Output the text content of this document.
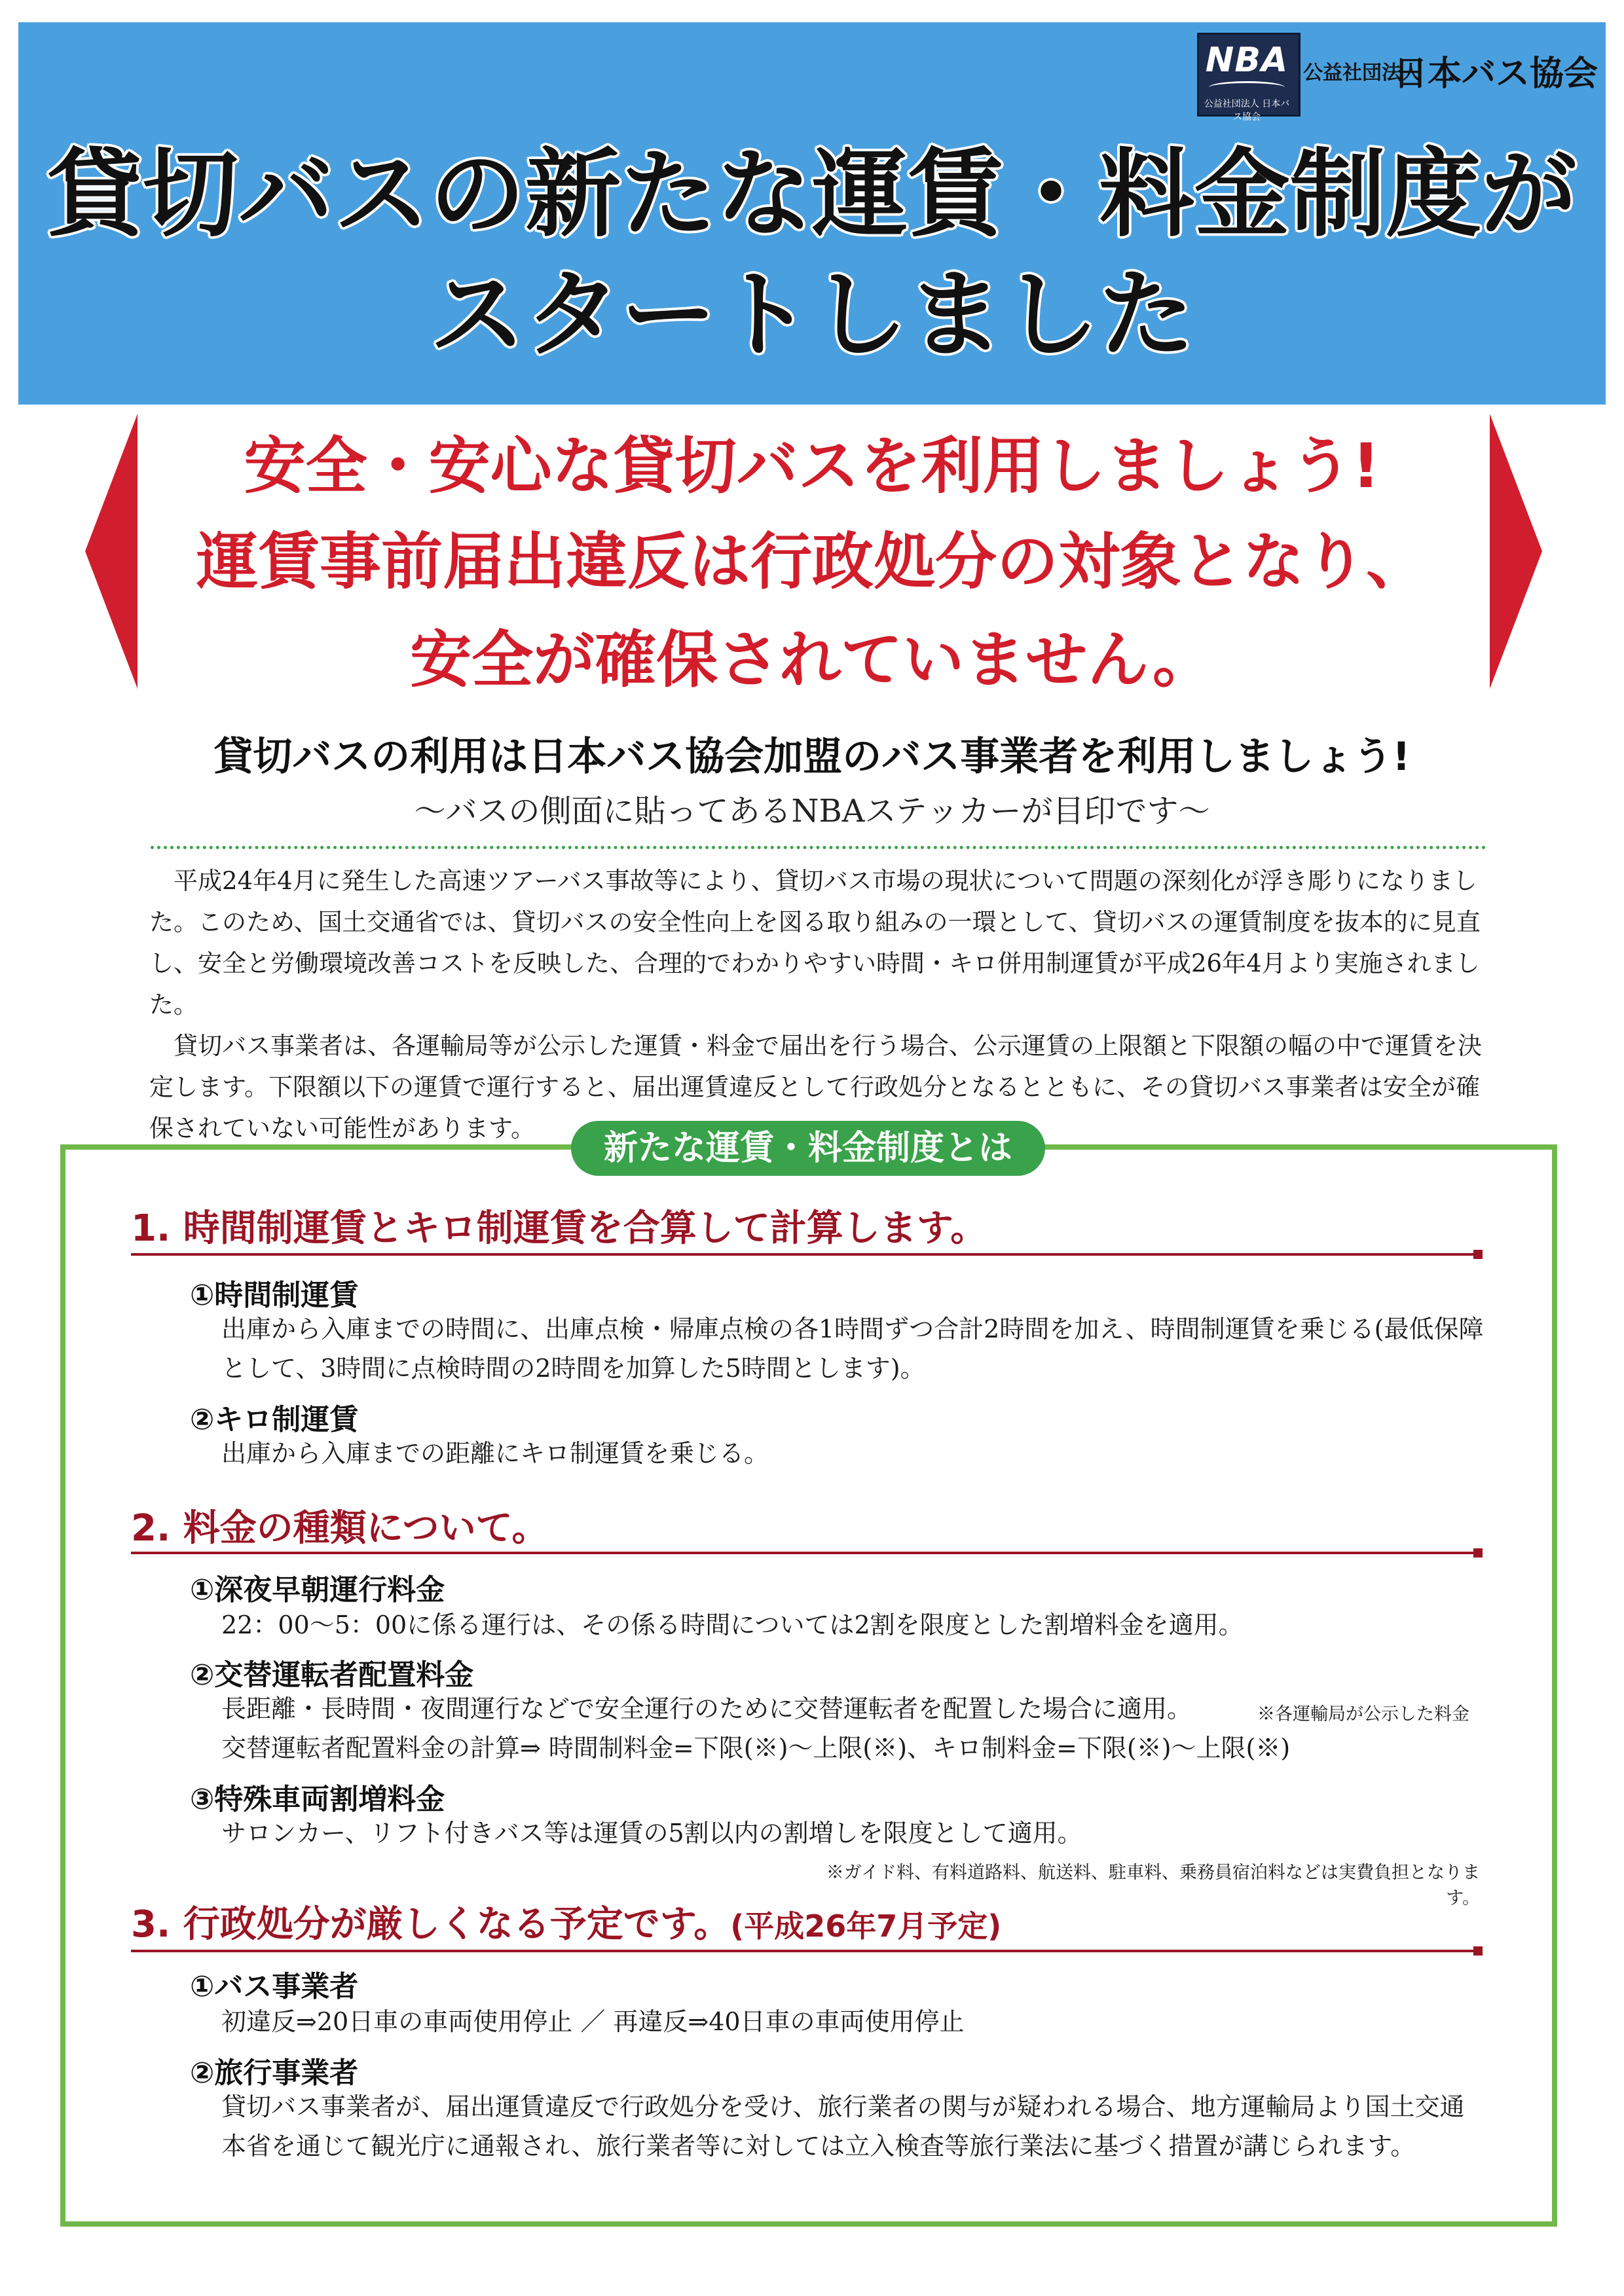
NBA
公益社団法人 日本バス協会
公益社団法人
日本バス協会
貸切バスの新たな運賃・料金制度が
スタートしました
安全・安心な貸切バスを利用しましょう!
運賃事前届出違反は行政処分の対象となり、
安全が確保されていません。
貸切バスの利用は日本バス協会加盟のバス事業者を利用しましょう!
〜バスの側面に貼ってあるNBAステッカーが目印です〜

平成24年4月に発生した高速ツアーバス事故等により、貸切バス市場の現状について問題の深刻化が浮き彫りになりました。このため、国土交通省では、貸切バスの安全性向上を図る取り組みの一環として、貸切バスの運賃制度を抜本的に見直し、安全と労働環境改善コストを反映した、合理的でわかりやすい時間・キロ併用制運賃が平成26年4月より実施されました。

貸切バス事業者は、各運輸局等が公示した運賃・料金で届出を行う場合、公示運賃の上限額と下限額の幅の中で運賃を決定します。下限額以下の運賃で運行すると、届出運賃違反として行政処分となるとともに、その貸切バス事業者は安全が確保されていない可能性があります。

新たな運賃・料金制度とは
1. 時間制運賃とキロ制運賃を合算して計算します。
①時間制運賃
出庫から入庫までの時間に、出庫点検・帰庫点検の各1時間ずつ合計2時間を加え、時間制運賃を乗じる(最低保障として、3時間に点検時間の2時間を加算した5時間とします)。
②キロ制運賃
出庫から入庫までの距離にキロ制運賃を乗じる。
2. 料金の種類について。
①深夜早朝運行料金
22：00〜5：00に係る運行は、その係る時間については2割を限度とした割増料金を適用。
②交替運転者配置料金
長距離・長時間・夜間運行などで安全運行のために交替運転者を配置した場合に適用。	※各運輸局が公示した料金
交替運転者配置料金の計算⇒ 時間制料金=下限(※)〜上限(※)、キロ制料金=下限(※)〜上限(※)
③特殊車両割増料金
サロンカー、リフト付きバス等は運賃の5割以内の割増しを限度として適用。
※ガイド料、有料道路料、航送料、駐車料、乗務員宿泊料などは実費負担となります。
3. 行政処分が厳しくなる予定です。(平成26年7月予定)
①バス事業者
初違反⇒20日車の車両使用停止 ／ 再違反⇒40日車の車両使用停止
②旅行事業者
貸切バス事業者が、届出運賃違反で行政処分を受け、旅行業者の関与が疑われる場合、地方運輸局より国土交通本省を通じて観光庁に通報され、旅行業者等に対しては立入検査等旅行業法に基づく措置が講じられます。
